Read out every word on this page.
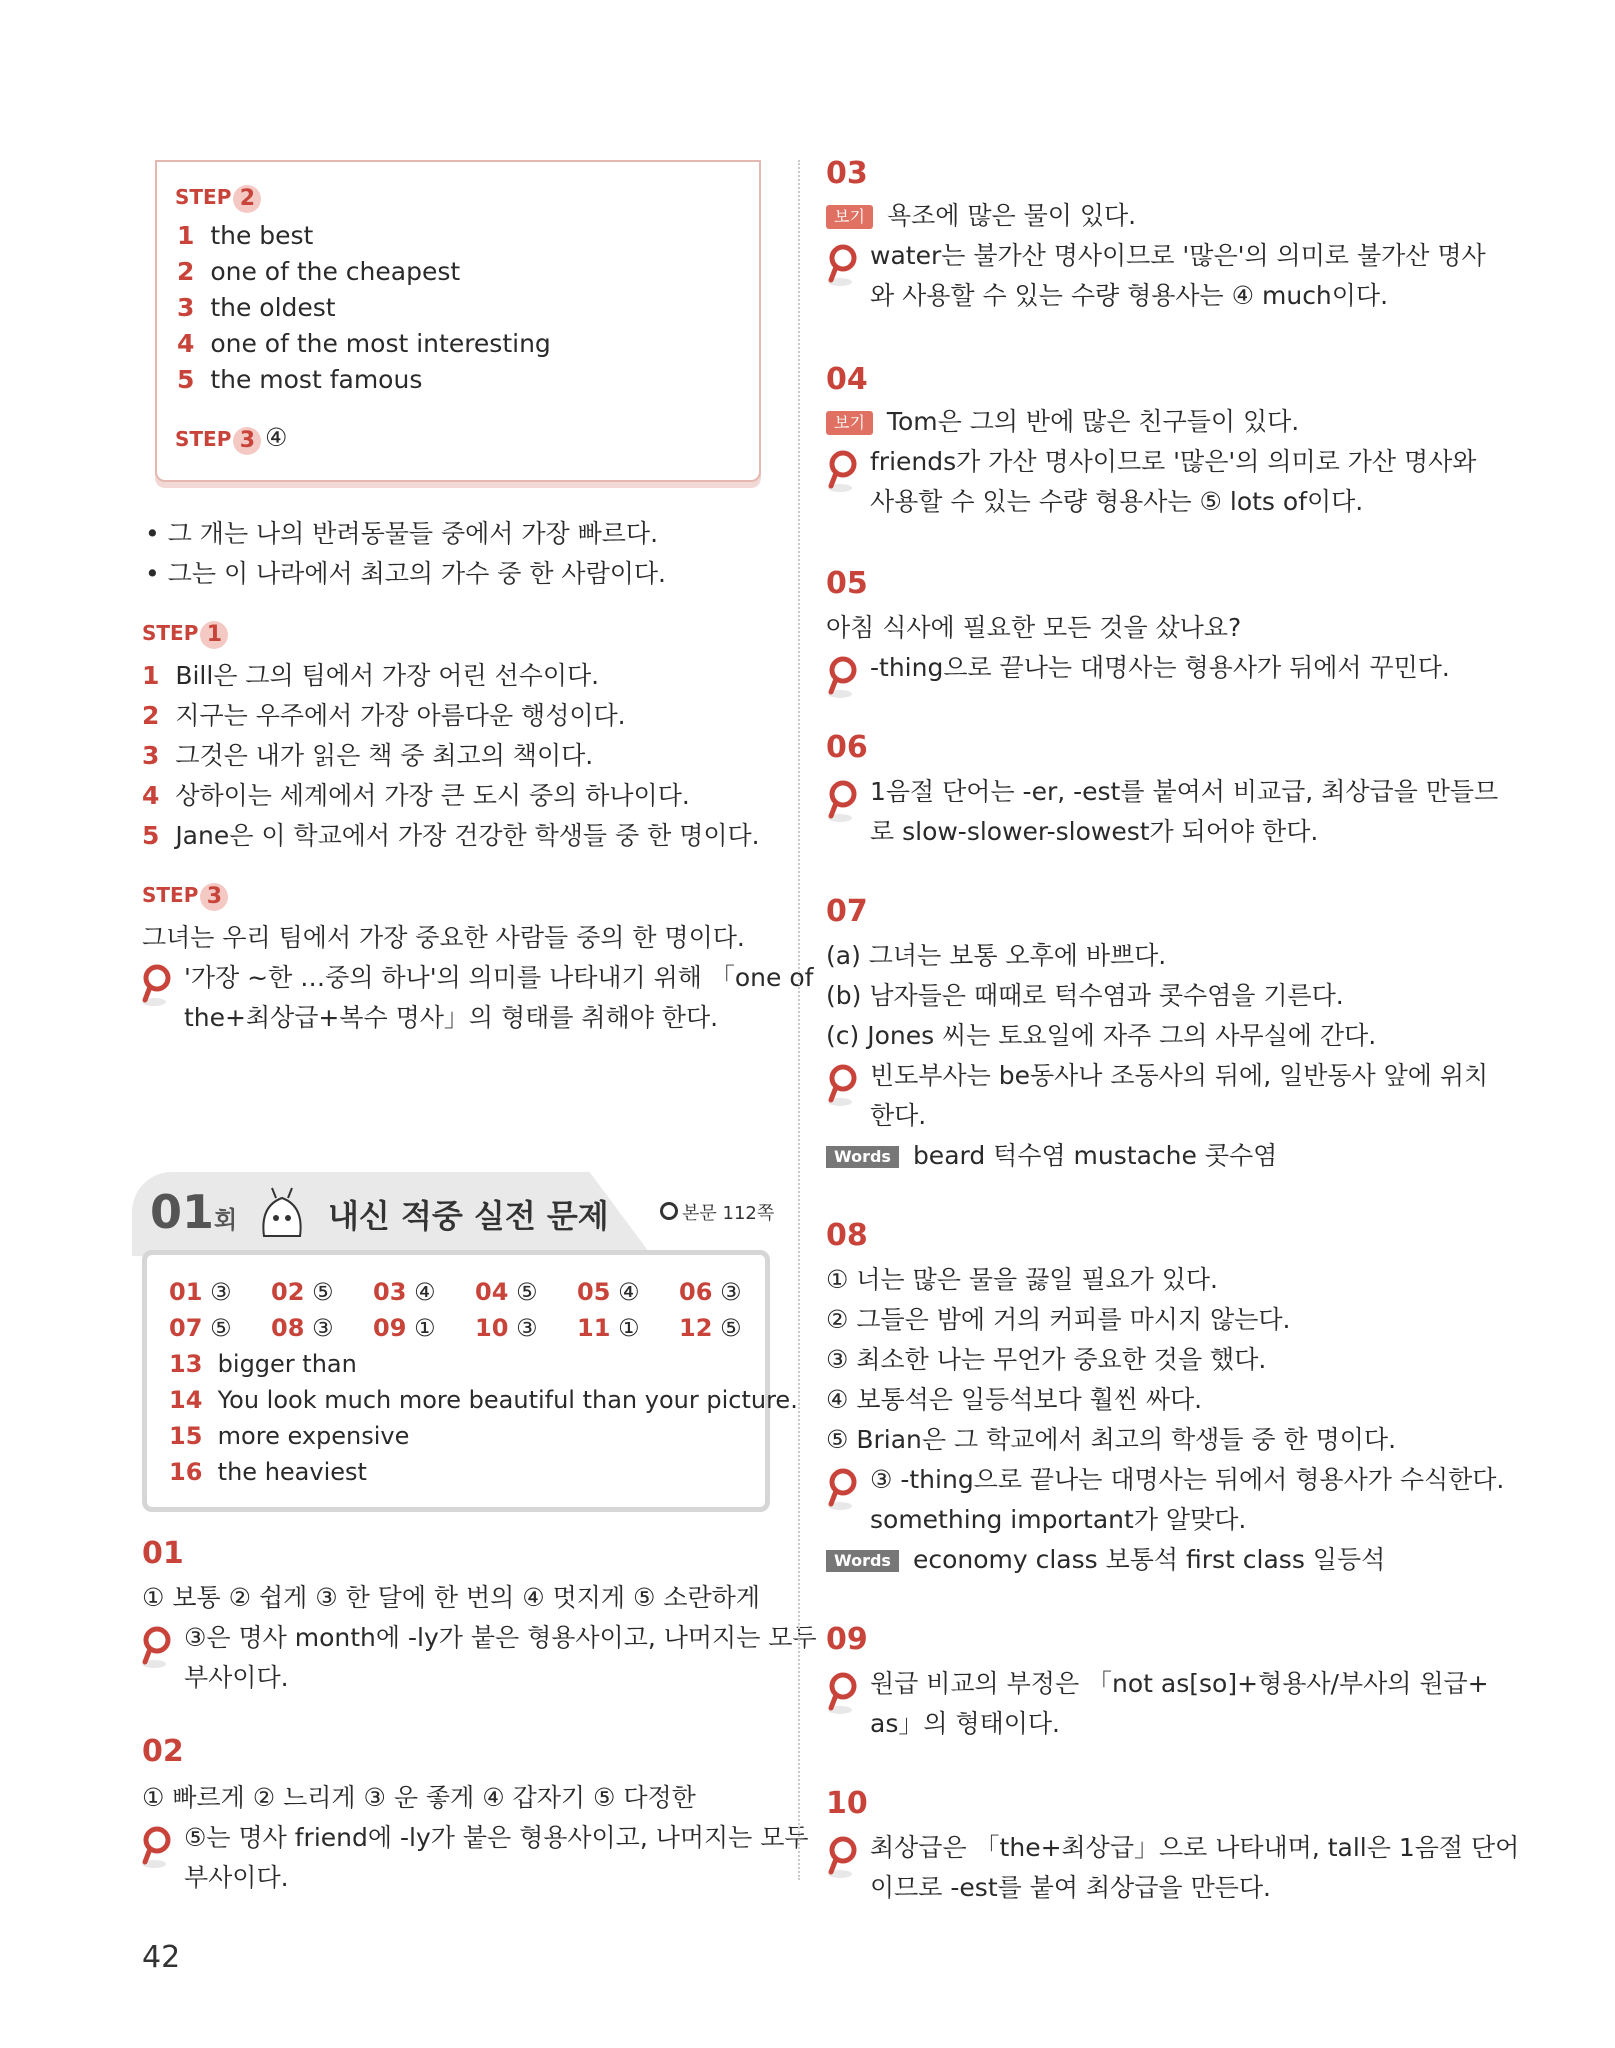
STEP 2
1 the best
2 one of the cheapest
3 the oldest
4 one of the most interesting
5 the most famous
STEP 3 ④
• 그 개는 나의 반려동물들 중에서 가장 빠르다.
• 그는 이 나라에서 최고의 가수 중 한 사람이다.
STEP 1
1 Bill은 그의 팀에서 가장 어린 선수이다.
2 지구는 우주에서 가장 아름다운 행성이다.
3 그것은 내가 읽은 책 중 최고의 책이다.
4 상하이는 세계에서 가장 큰 도시 중의 하나이다.
5 Jane은 이 학교에서 가장 건강한 학생들 중 한 명이다.
STEP 3
그녀는 우리 팀에서 가장 중요한 사람들 중의 한 명이다.
'가장 ~한 …중의 하나'의 의미를 나타내기 위해 「one of
the+최상급+복수 명사」의 형태를 취해야 한다.
01회	내신 적중 실전 문제	본문 112쪽
01 ③ 02 ⑤ 03 ④ 04 ⑤ 05 ④ 06 ③
07 ⑤ 08 ③ 09 ① 10 ③ 11 ① 12 ⑤
13 bigger than
14 You look much more beautiful than your picture.
15 more expensive
16 the heaviest
01
① 보통 ② 쉽게 ③ 한 달에 한 번의 ④ 멋지게 ⑤ 소란하게
③은 명사 month에 -ly가 붙은 형용사이고, 나머지는 모두
부사이다.
02
① 빠르게 ② 느리게 ③ 운 좋게 ④ 갑자기 ⑤ 다정한
⑤는 명사 friend에 -ly가 붙은 형용사이고, 나머지는 모두
부사이다.
42
03
보기 욕조에 많은 물이 있다.
water는 불가산 명사이므로 '많은'의 의미로 불가산 명사
와 사용할 수 있는 수량 형용사는 ④ much이다.
04
보기 Tom은 그의 반에 많은 친구들이 있다.
friends가 가산 명사이므로 '많은'의 의미로 가산 명사와
사용할 수 있는 수량 형용사는 ⑤ lots of이다.
05
아침 식사에 필요한 모든 것을 샀나요?
-thing으로 끝나는 대명사는 형용사가 뒤에서 꾸민다.
06
1음절 단어는 -er, -est를 붙여서 비교급, 최상급을 만들므
로 slow-slower-slowest가 되어야 한다.
07
(a) 그녀는 보통 오후에 바쁘다.
(b) 남자들은 때때로 턱수염과 콧수염을 기른다.
(c) Jones 씨는 토요일에 자주 그의 사무실에 간다.
빈도부사는 be동사나 조동사의 뒤에, 일반동사 앞에 위치
한다.
Words beard 턱수염 mustache 콧수염
08
① 너는 많은 물을 끓일 필요가 있다.
② 그들은 밤에 거의 커피를 마시지 않는다.
③ 최소한 나는 무언가 중요한 것을 했다.
④ 보통석은 일등석보다 훨씬 싸다.
⑤ Brian은 그 학교에서 최고의 학생들 중 한 명이다.
③ -thing으로 끝나는 대명사는 뒤에서 형용사가 수식한다.
something important가 알맞다.
Words economy class 보통석 first class 일등석
09
원급 비교의 부정은 「not as[so]+형용사/부사의 원급+
as」의 형태이다.
10
최상급은 「the+최상급」으로 나타내며, tall은 1음절 단어
이므로 -est를 붙여 최상급을 만든다.
